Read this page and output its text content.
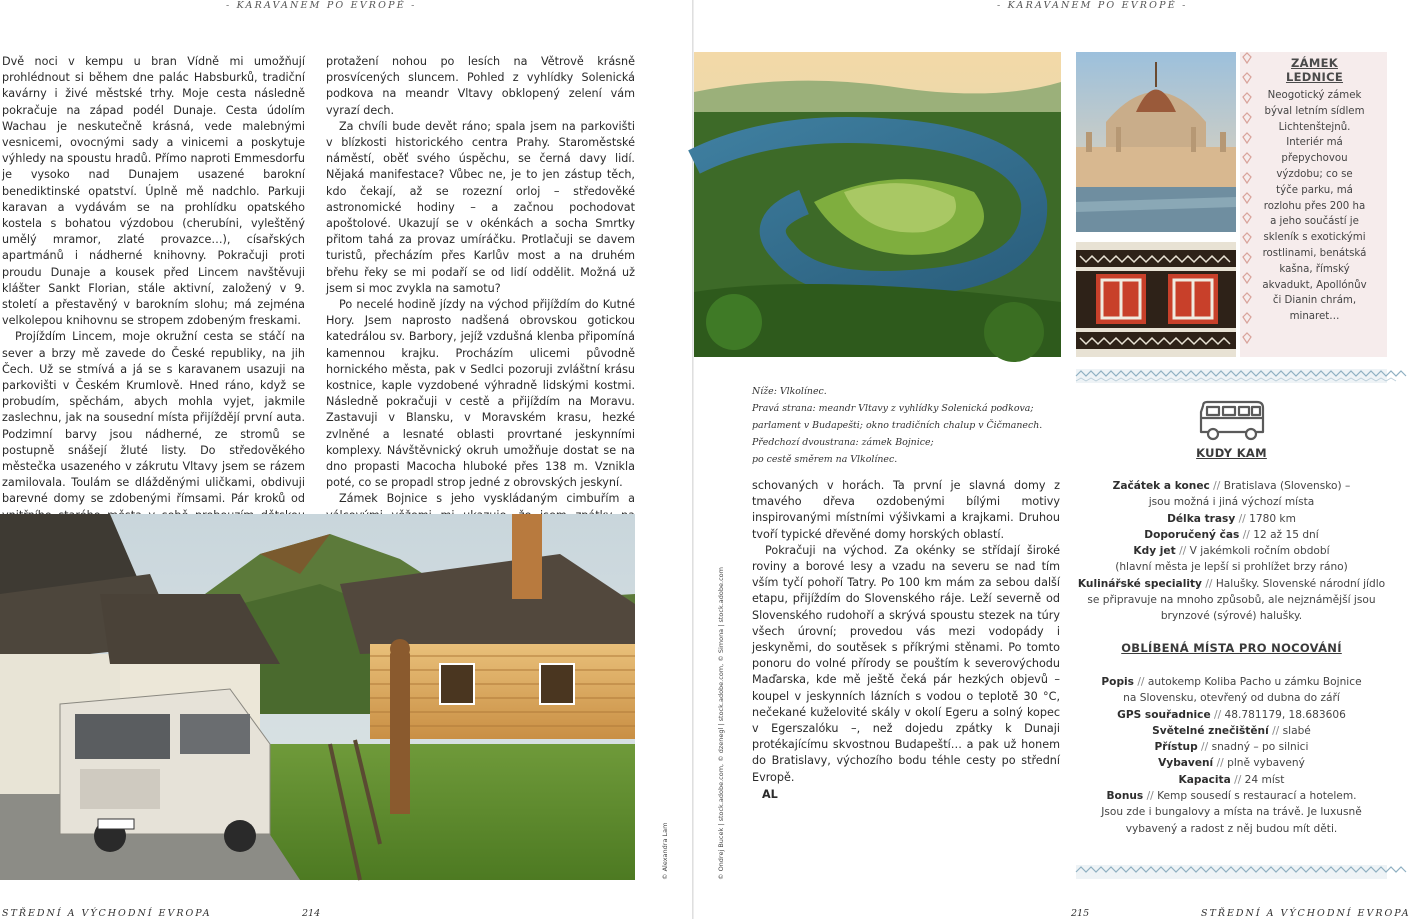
- KARAVANEM PO EVROPĚ -	- KARAVANEM PO EVROPĚ -

Dvě noci v kempu u bran Vídně mi umožňují prohlédnout si během dne palác Habsburků, tradiční kavárny i živé městské trhy. Moje cesta následně pokračuje na západ podél Dunaje. Cesta údolím Wachau je neskutečně krásná, vede malebnými vesnicemi, ovocnými sady a vinicemi a poskytuje výhledy na spoustu hradů. Přímo naproti Emmesdorfu je vysoko nad Dunajem usazené barokní benediktinské opatství. Úplně mě nadchlo. Parkuji karavan a vydávám se na prohlídku opatského kostela s bohatou výzdobou (cherubíni, vyleštěný umělý mramor, zlaté provazce…), císařských apartmánů i nádherné knihovny. Pokračuji proti proudu Dunaje a kousek před Lincem navštěvuji klášter Sankt Florian, stále aktivní, založený v 9. století a přestavěný v barokním slohu; má zejména velkolepou knihovnu se stropem zdobeným freskami.

Projíždím Lincem, moje okružní cesta se stáčí na sever a brzy mě zavede do České republiky, na jih Čech. Už se stmívá a já se s karavanem usazuji na parkovišti v Českém Krumlově. Hned ráno, když se probudím, spěchám, abych mohla vyjet, jakmile zaslechnu, jak na sousední místa přijíždějí první auta. Podzimní barvy jsou nádherné, ze stromů se postupně snášejí žluté listy. Do středověkého městečka usazeného v zákrutu Vltavy jsem se rázem zamilovala. Toulám se dlážděnými uličkami, obdivuji barevné domy se zdobenými římsami. Pár kroků od

protažení nohou po lesích na Větrově krásně prosvícených sluncem. Pohled z vyhlídky Solenická podkova na meandr Vltavy obklopený zelení vám vyrazí dech.

Za chvíli bude devět ráno; spala jsem na parkovišti v blízkosti historického centra Prahy. Staroměstské náměstí, oběť svého úspěchu, se černá davy lidí. Nějaká manifestace? Vůbec ne, je to jen zástup těch, kdo čekají, až se rozezní orloj – středověké astronomické hodiny – a začnou pochodovat apoštolové. Ukazují se v okénkách a socha Smrtky přitom tahá za provaz umíráčku. Protlačuji se davem turistů, přecházím přes Karlův most a na druhém břehu řeky se mi podaří se od lidí oddělit. Možná už jsem si moc zvykla na samotu?

Po necelé hodině jízdy na východ přijíždím do Kutné Hory. Jsem naprosto nadšená obrovskou gotickou katedrálou sv. Barbory, jejíž vzdušná klenba připomíná kamennou krajku. Procházím ulicemi původně hornického města, pak v Sedlci pozoruji zvláštní krásu kostnice, kaple vyzdobené výhradně lidskými kostmi. Následně pokračuji v cestě a přijíždím na Moravu. Zastavuji v Blansku, v Moravském krasu, hezké zvlněné a lesnaté oblasti provrtané jeskynními komplexy. Návštěvnický okruh umožňuje dostat se na dno propasti Macocha hluboké přes 138 m. Vznikla poté, co se propadl strop jedné z obrovských jeskyní.

Zámek Bojnice s jeho vyskládaným cimbuřím a

© Alexandra Lam
STŘEDNÍ A VÝCHODNÍ EVROPA	214
© Ondrej Bucek | stock.adobe.com, © dzenegl | stock.adobe.com, © Simona | stock.adobe.com
ZÁMEK LEDNICE
Neogotický zámek
býval letním sídlem
Lichtenštejnů.
Interiér má
přepychovou
výzdobu; co se
týče parku, má
rozlohu přes 200 ha
a jeho součástí je
skleník s exotickými
rostlinami, benátská
kašna, římský
akvadukt, Apollónův
či Dianin chrám,
minaret…
Níže: Vlkolínec.
Pravá strana: meandr Vltavy z vyhlídky Solenická podkova;
parlament v Budapešti; okno tradičních chalup v Čičmanech.
Předchozí dvoustrana: zámek Bojnice;
po cestě směrem na Vlkolínec.

schovaných v horách. Ta první je slavná domy z tmavého dřeva ozdobenými bílými motivy inspirovanými místními výšivkami a krajkami. Druhou tvoří typické dřevěné domy horských oblastí.

Pokračuji na východ. Za okénky se střídají široké roviny a borové lesy a vzadu na severu se nad tím vším tyčí pohoří Tatry. Po 100 km mám za sebou další etapu, přijíždím do Slovenského ráje. Leží severně od Slovenského rudohoří a skrývá spoustu stezek na túry všech úrovní; provedou vás mezi vodopády i jeskyněmi, do soutěsek s příkrými stěnami. Po tomto ponoru do volné přírody se pouštím k severovýchodu Maďarska, kde mě ještě čeká pár hezkých objevů – koupel v jeskynních lázních s vodou o teplotě 30 °C, nečekané kuželovité skály v okolí Egeru a solný kopec v Egerszalóku –, než dojedu zpátky k Dunaji protékajícímu skvostnou Budapeští… a pak už honem do Bratislavy, výchozího bodu téhle cesty po střední Evropě.

AL

KUDY KAM
Začátek a konec // Bratislava (Slovensko) –
jsou možná i jiná výchozí místa
Délka trasy // 1780 km
Doporučený čas // 12 až 15 dní
Kdy jet // V jakémkoli ročním období
(hlavní města je lepší si prohlížet brzy ráno)
Kulinářské speciality // Halušky. Slovenské národní jídlo
se připravuje na mnoho způsobů, ale nejznámější jsou
brynzové (sýrové) halušky.
OBLÍBENÁ MÍSTA PRO NOCOVÁNÍ
Popis // autokemp Koliba Pacho u zámku Bojnice
na Slovensku, otevřený od dubna do září
GPS souřadnice // 48.781179, 18.683606
Světelné znečištění // slabé
Přístup // snadný – po silnici
Vybavení // plně vybavený
Kapacita // 24 míst
Bonus // Kemp sousedí s restaurací a hotelem.
Jsou zde i bungalovy a místa na trávě. Je luxusně
vybavený a radost z něj budou mít děti.
215	STŘEDNÍ A VÝCHODNÍ EVROPA
